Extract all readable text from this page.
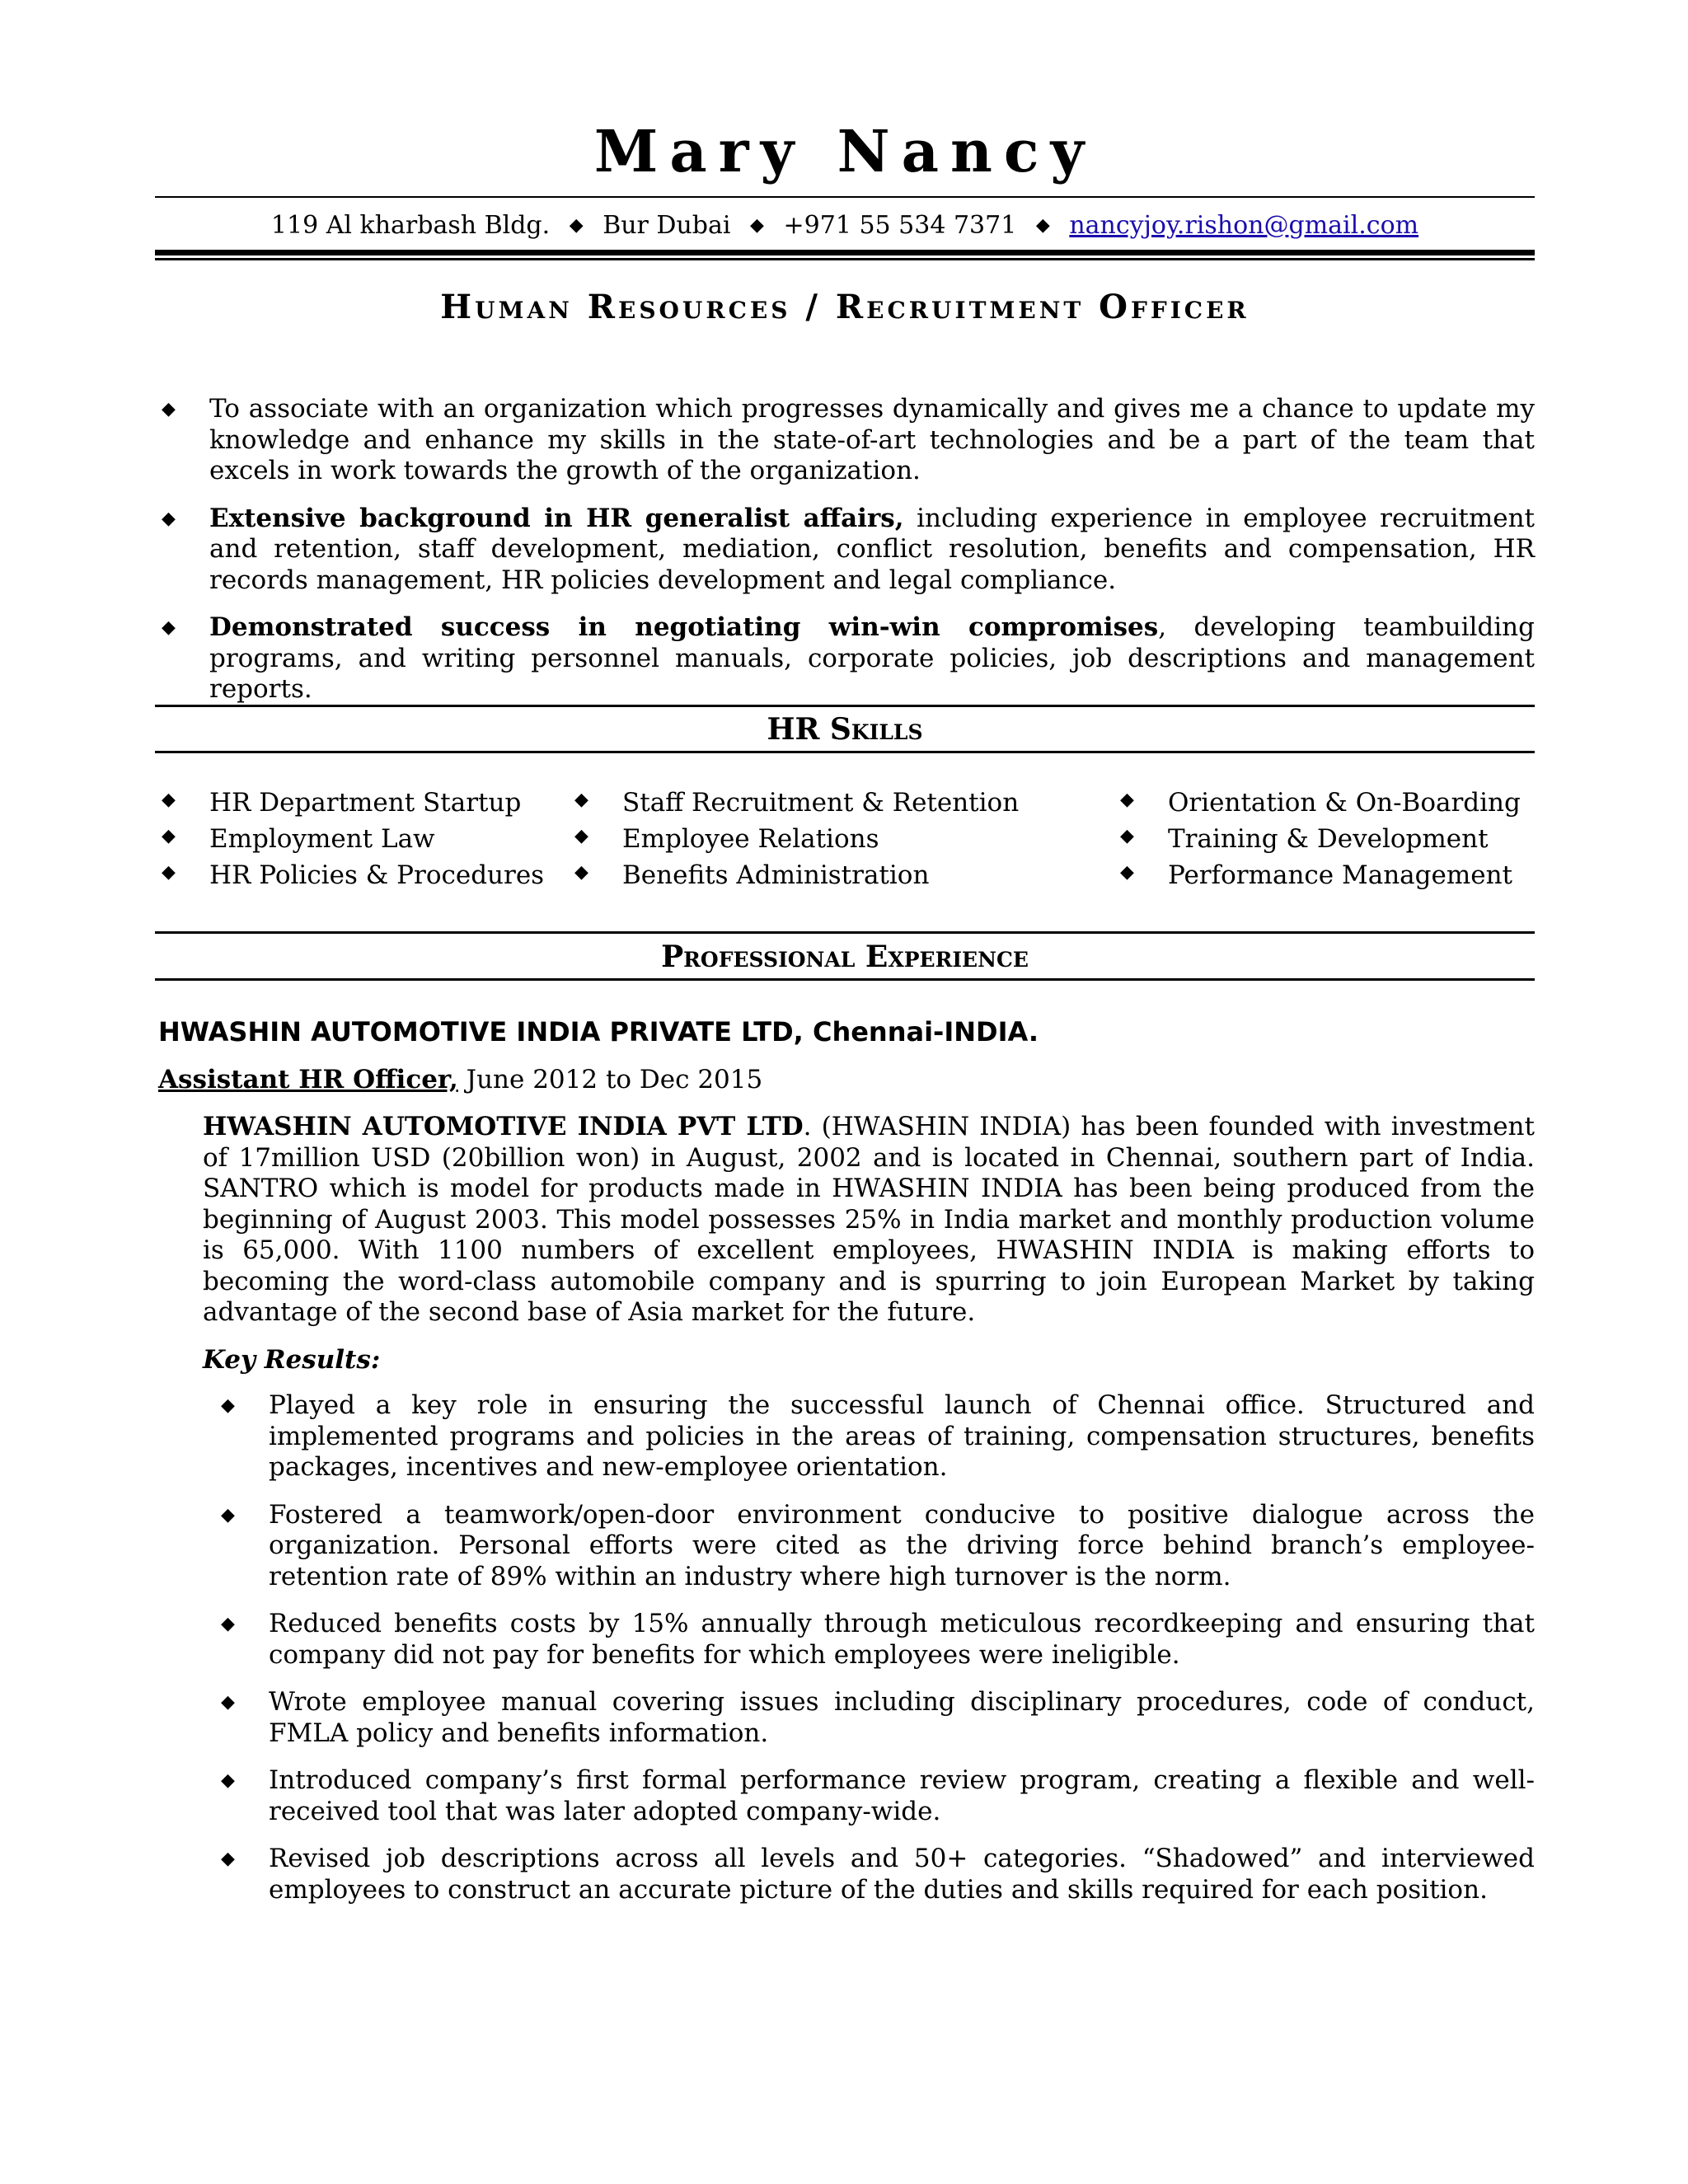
Mary Nancy
119 Al kharbash Bldg. ◆ Bur Dubai ◆ +971 55 534 7371 ◆ nancyjoy.rishon@gmail.com
Human Resources / Recruitment Officer
◆ To associate with an organization which progresses dynamically and gives me a chance to update my knowledge and enhance my skills in the state-of-art technologies and be a part of the team that excels in work towards the growth of the organization.
◆ Extensive background in HR generalist affairs, including experience in employee recruitment and retention, staff development, mediation, conflict resolution, benefits and compensation, HR records management, HR policies development and legal compliance.
◆ Demonstrated success in negotiating win-win compromises, developing teambuilding programs, and writing personnel manuals, corporate policies, job descriptions and management reports.
HR Skills
◆ HR Department Startup
◆ Employment Law
◆ HR Policies & Procedures
◆ Staff Recruitment & Retention
◆ Employee Relations
◆ Benefits Administration
◆ Orientation & On-Boarding
◆ Training & Development
◆ Performance Management
Professional Experience
HWASHIN AUTOMOTIVE INDIA PRIVATE LTD, Chennai-INDIA.
Assistant HR Officer, June 2012 to Dec 2015
HWASHIN AUTOMOTIVE INDIA PVT LTD. (HWASHIN INDIA) has been founded with investment of 17million USD (20billion won) in August, 2002 and is located in Chennai, southern part of India. SANTRO which is model for products made in HWASHIN INDIA has been being produced from the beginning of August 2003. This model possesses 25% in India market and monthly production volume is 65,000. With 1100 numbers of excellent employees, HWASHIN INDIA is making efforts to becoming the word-class automobile company and is spurring to join European Market by taking advantage of the second base of Asia market for the future.
Key Results:
◆ Played a key role in ensuring the successful launch of Chennai office. Structured and implemented programs and policies in the areas of training, compensation structures, benefits packages, incentives and new-employee orientation.
◆ Fostered a teamwork/open-door environment conducive to positive dialogue across the organization. Personal efforts were cited as the driving force behind branch’s employee-retention rate of 89% within an industry where high turnover is the norm.
◆ Reduced benefits costs by 15% annually through meticulous recordkeeping and ensuring that company did not pay for benefits for which employees were ineligible.
◆ Wrote employee manual covering issues including disciplinary procedures, code of conduct, FMLA policy and benefits information.
◆ Introduced company’s first formal performance review program, creating a flexible and well-received tool that was later adopted company-wide.
◆ Revised job descriptions across all levels and 50+ categories. “Shadowed” and interviewed employees to construct an accurate picture of the duties and skills required for each position.
